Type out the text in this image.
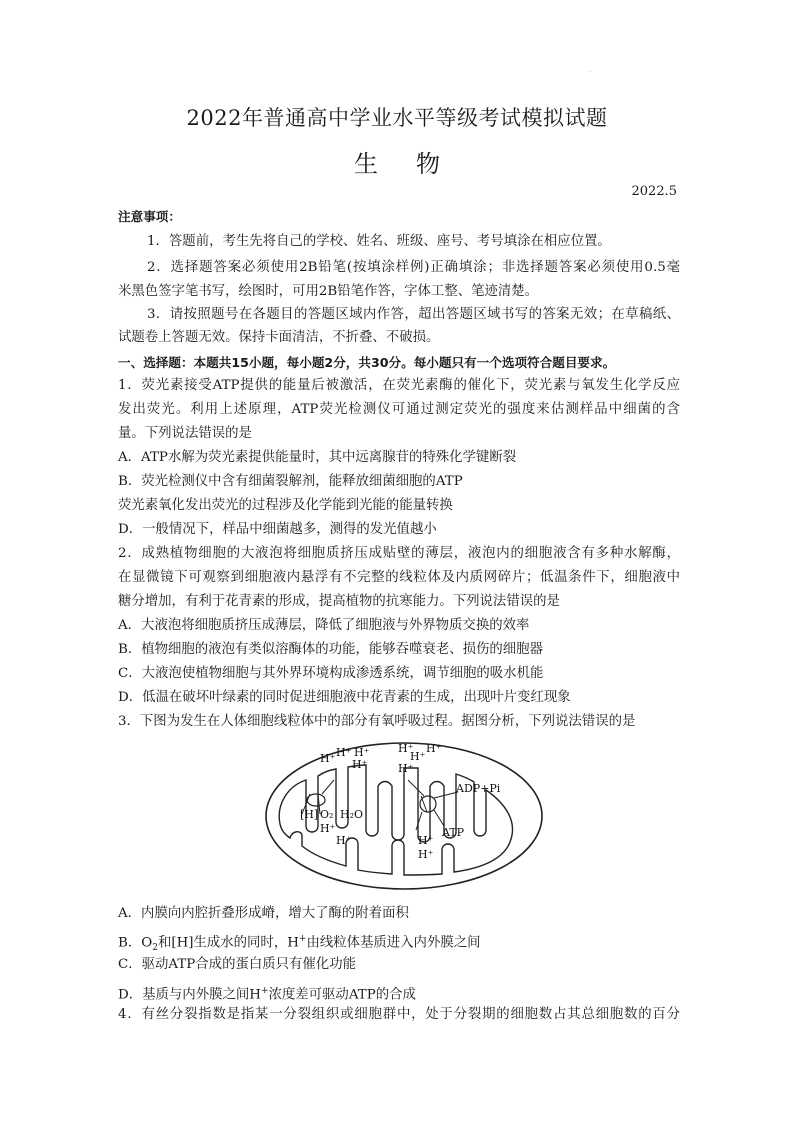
.
2022年普通高中学业水平等级考试模拟试题
生物
2022.5
注意事项：
1．答题前，考生先将自己的学校、姓名、班级、座号、考号填涂在相应位置。
2．选择题答案必须使用2B铅笔(按填涂样例)正确填涂；非选择题答案必须使用0.5毫
米黑色签字笔书写，绘图时，可用2B铅笔作答，字体工整、笔迹清楚。
3．请按照题号在各题目的答题区域内作答，超出答题区域书写的答案无效；在草稿纸、
试题卷上答题无效。保持卡面清洁，不折叠、不破损。
一、选择题：本题共15小题，每小题2分，共30分。每小题只有一个选项符合题目要求。
1．荧光素接受ATP提供的能量后被激活，在荧光素酶的催化下，荧光素与氧发生化学反应
发出荧光。利用上述原理，ATP荧光检测仪可通过测定荧光的强度来估测样品中细菌的含
量。下列说法错误的是
A．ATP水解为荧光素提供能量时，其中远离腺苷的特殊化学键断裂
B．荧光检测仪中含有细菌裂解剂，能释放细菌细胞的ATP
荧光素氧化发出荧光的过程涉及化学能到光能的能量转换
D．一般情况下，样品中细菌越多，测得的发光值越小
2．成熟植物细胞的大液泡将细胞质挤压成贴壁的薄层，液泡内的细胞液含有多种水解酶，
在显微镜下可观察到细胞液内悬浮有不完整的线粒体及内质网碎片；低温条件下，细胞液中
糖分增加，有利于花青素的形成，提高植物的抗寒能力。下列说法错误的是
A．大液泡将细胞质挤压成薄层，降低了细胞液与外界物质交换的效率
B．植物细胞的液泡有类似溶酶体的功能，能够吞噬衰老、损伤的细胞器
C．大液泡使植物细胞与其外界环境构成渗透系统，调节细胞的吸水机能
D．低温在破坏叶绿素的同时促进细胞液中花青素的生成，出现叶片变红现象
3．下图为发生在人体细胞线粒体中的部分有氧呼吸过程。据图分析，下列说法错误的是
H⁺ H⁺ H⁺
H⁺
[H] O₂ H₂O
H⁺
H⁺
H⁺
H⁺
H⁺
H⁺
ADP+Pi
ATP
H⁺
H⁺
A．内膜向内腔折叠形成嵴，增大了酶的附着面积
B．$O_2$和[H]生成水的同时，H+由线粒体基质进入内外膜之间
C．驱动ATP合成的蛋白质只有催化功能
D．基质与内外膜之间H+浓度差可驱动ATP的合成
4．有丝分裂指数是指某一分裂组织或细胞群中，处于分裂期的细胞数占其总细胞数的百分
